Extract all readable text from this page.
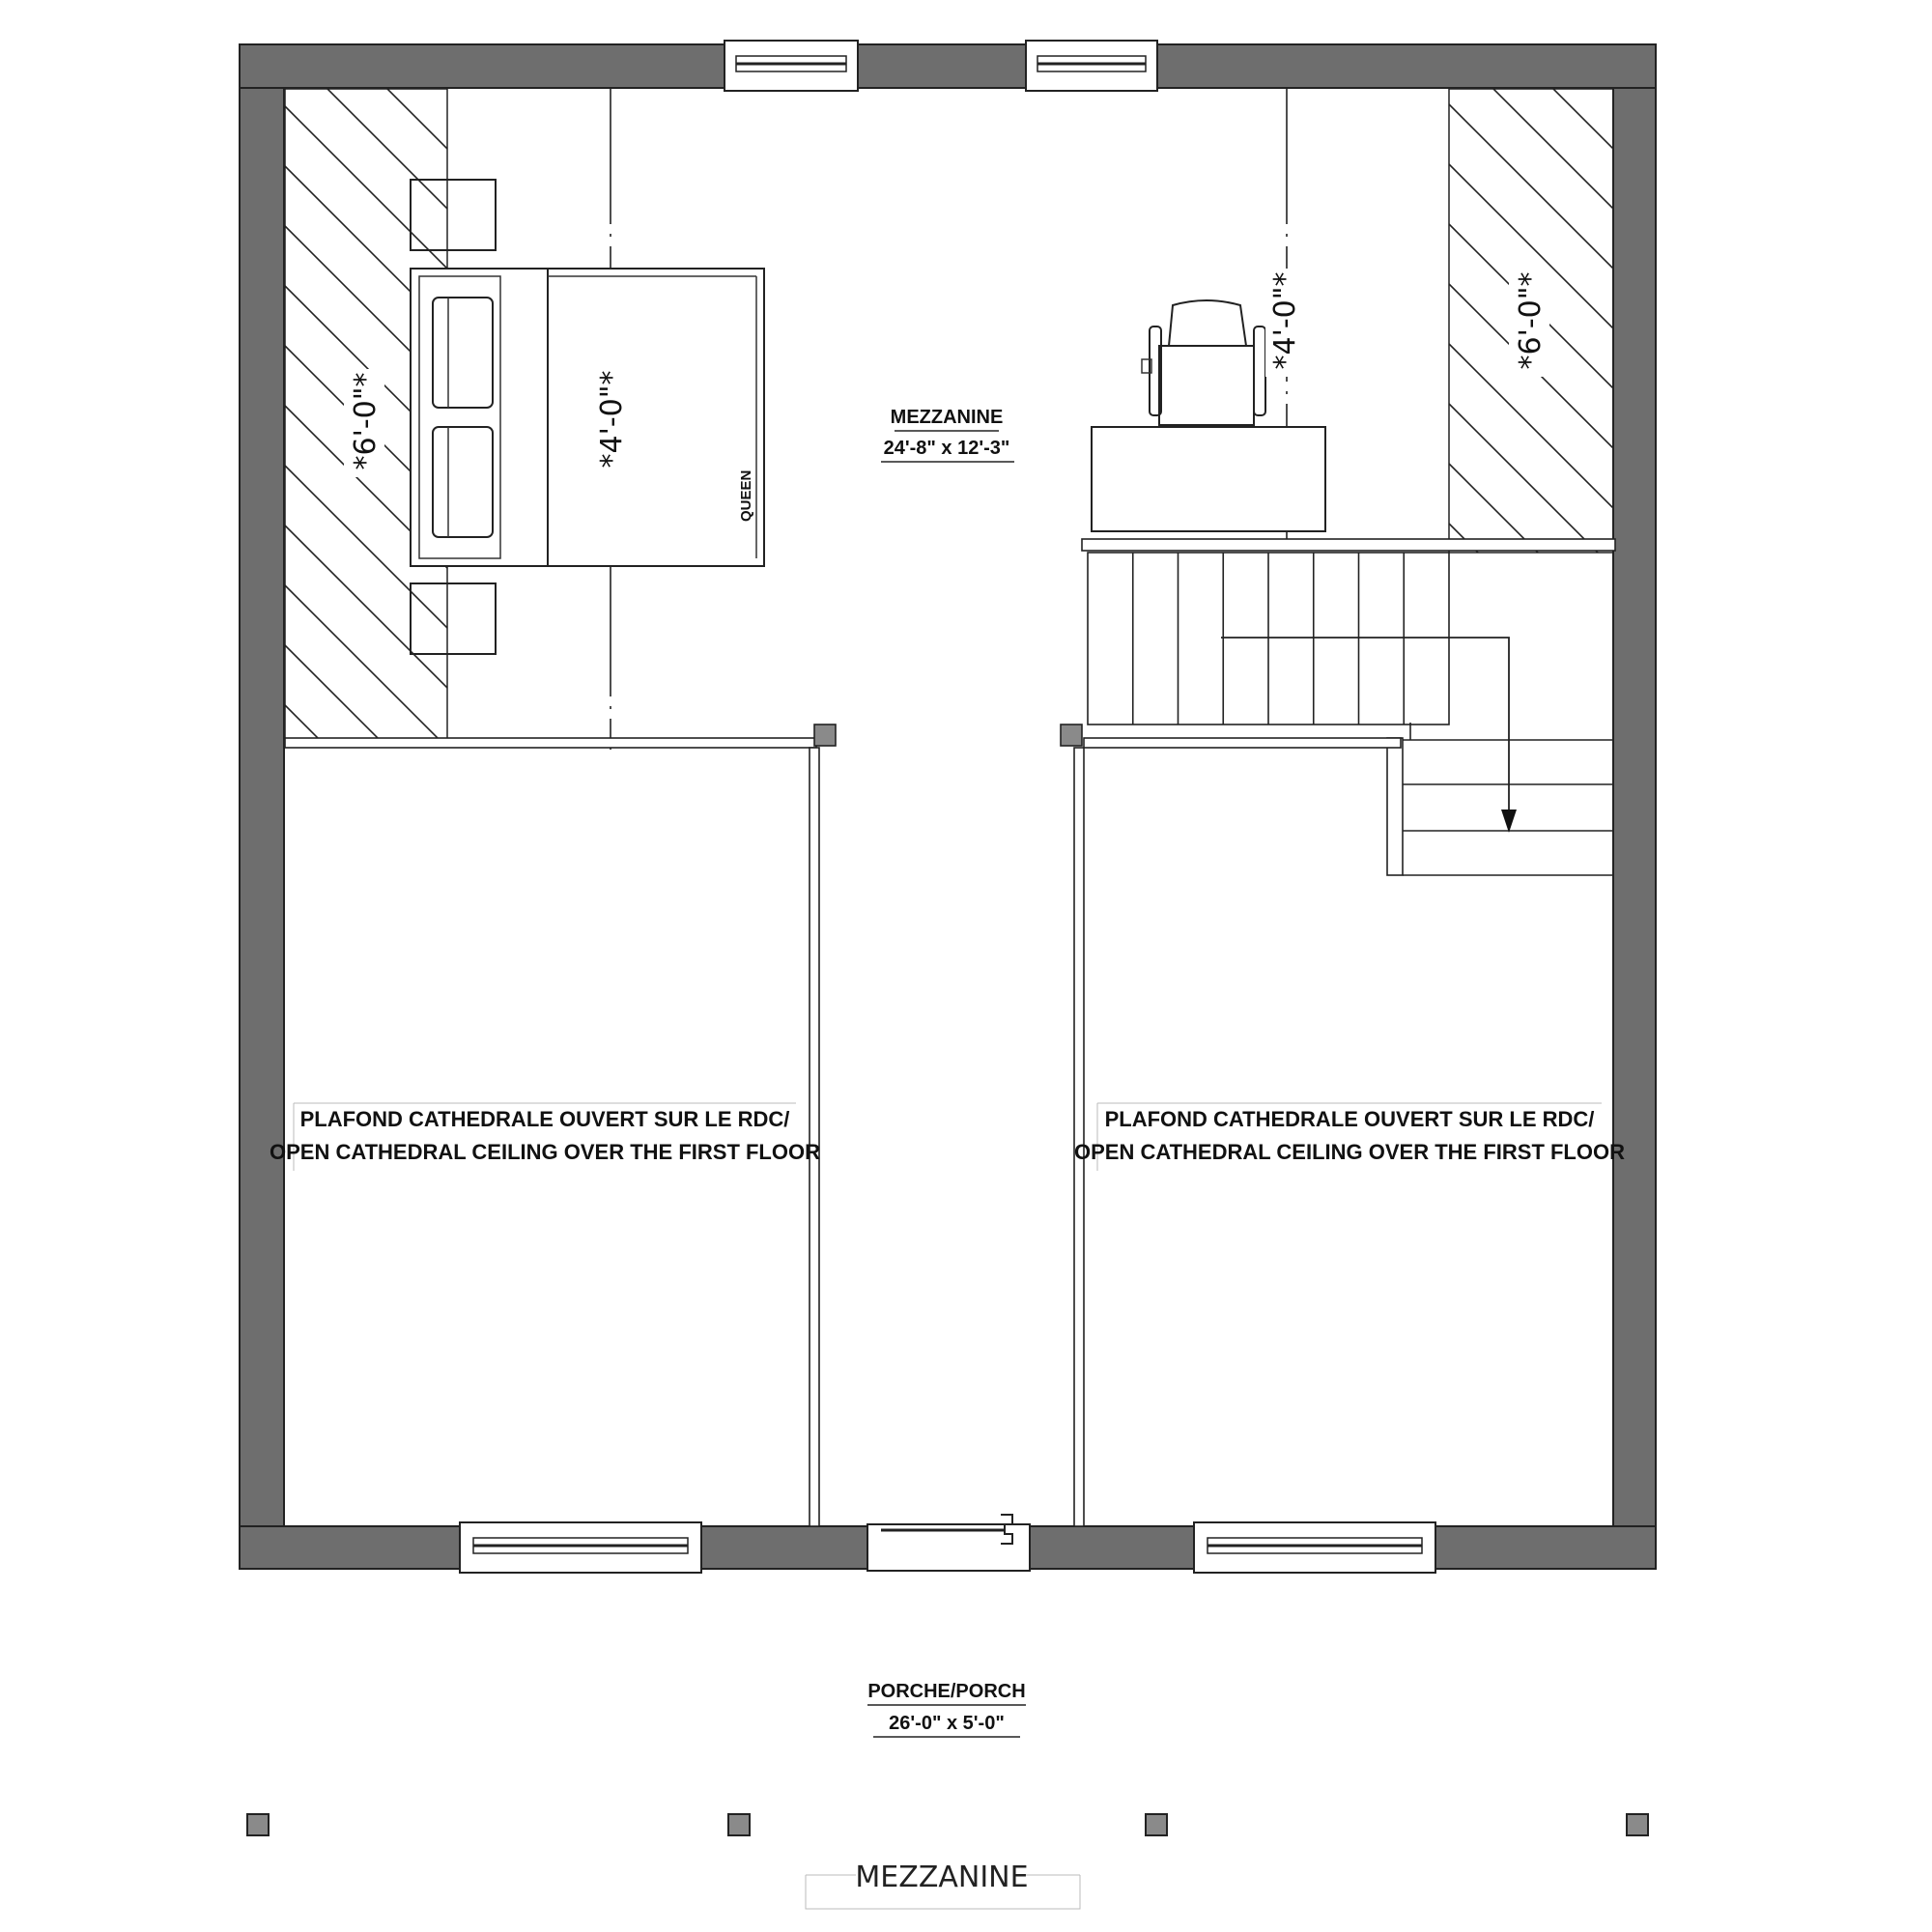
QUEEN
*6'-0"*	*4'-0"*
*4'-0"*	*6'-0"*
MEZZANINE
24'-8" x 12'-3"
PLAFOND CATHEDRALE OUVERT SUR LE RDC/
OPEN CATHEDRAL CEILING OVER THE FIRST FLOOR
PLAFOND CATHEDRALE OUVERT SUR LE RDC/
OPEN CATHEDRAL CEILING OVER THE FIRST FLOOR
PORCHE/PORCH
26'-0" x 5'-0"
MEZZANINE
